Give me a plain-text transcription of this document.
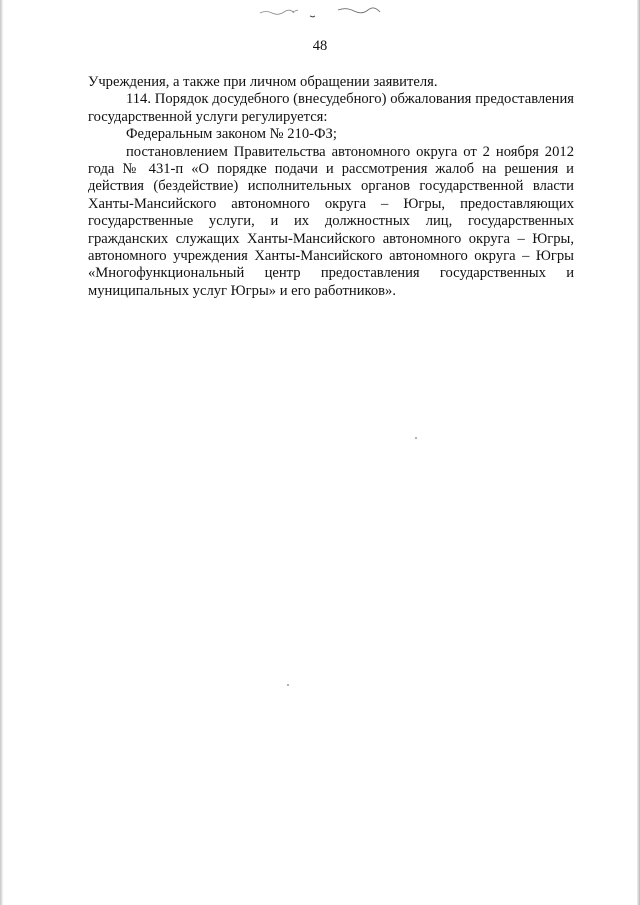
48

Учреждения, а также при личном обращении заявителя.

114. Порядок досудебного (внесудебного) обжалования предоставления государственной услуги регулируется:

Федеральным законом № 210-ФЗ;

постановлением Правительства автономного округа от 2 ноября 2012 года № 431-п «О порядке подачи и рассмотрения жалоб на решения и действия (бездействие) исполнительных органов государственной власти Ханты-Мансийского автономного округа – Югры, предоставляющих государственные услуги, и их должностных лиц, государственных гражданских служащих Ханты-Мансийского автономного округа – Югры, автономного учреждения Ханты-Мансийского автономного округа – Югры «Многофункциональный центр предоставления государственных и муниципальных услуг Югры» и его работников».
